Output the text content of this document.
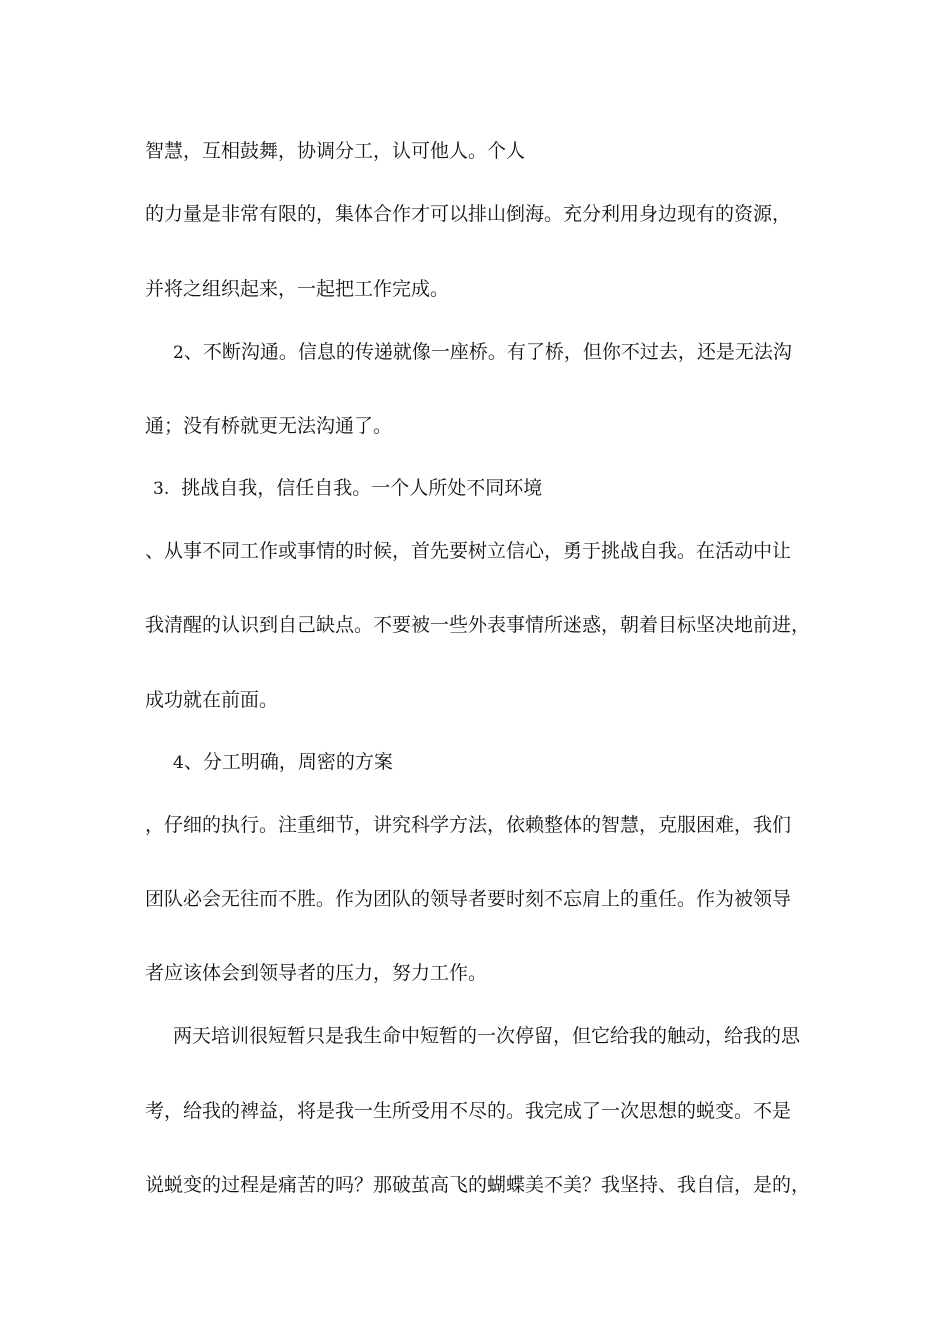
智慧，互相鼓舞，协调分工，认可他人。个人
的力量是非常有限的，集体合作才可以排山倒海。充分利用身边现有的资源，
并将之组织起来，一起把工作完成。
2、不断沟通。信息的传递就像一座桥。有了桥，但你不过去，还是无法沟
通；没有桥就更无法沟通了。
3. 挑战自我，信任自我。一个人所处不同环境
、从事不同工作或事情的时候，首先要树立信心，勇于挑战自我。在活动中让
我清醒的认识到自己缺点。不要被一些外表事情所迷惑，朝着目标坚决地前进，
成功就在前面。
4、分工明确，周密的方案
，仔细的执行。注重细节，讲究科学方法，依赖整体的智慧，克服困难，我们
团队必会无往而不胜。作为团队的领导者要时刻不忘肩上的重任。作为被领导
者应该体会到领导者的压力，努力工作。
两天培训很短暂只是我生命中短暂的一次停留，但它给我的触动，给我的思
考，给我的裨益，将是我一生所受用不尽的。我完成了一次思想的蜕变。不是
说蜕变的过程是痛苦的吗？那破茧高飞的蝴蝶美不美？我坚持、我自信，是的，
